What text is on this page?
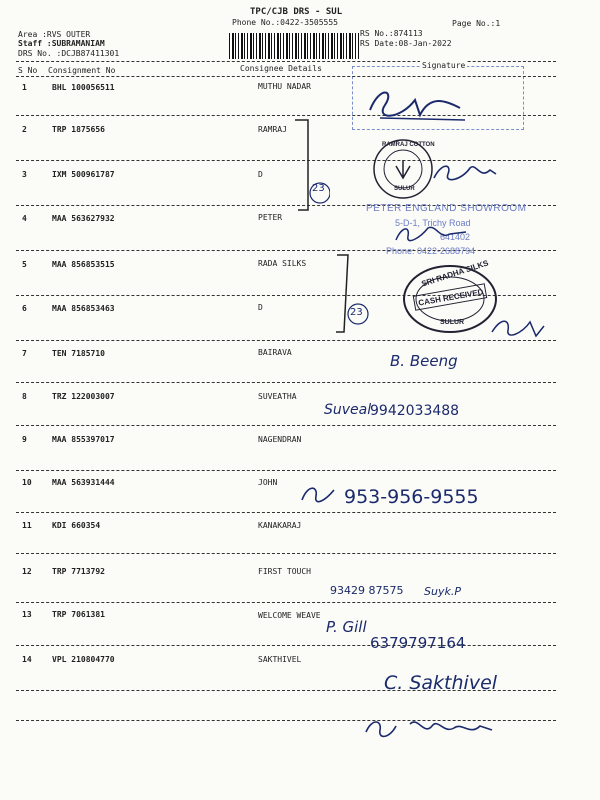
TPC/CJB DRS - SUL
Phone No.:0422-3505555	Page No.:1
Area :RVS OUTER
Staff :SUBRAMANIAM
DRS No. :DCJB87411301
RS No.:874113
RS Date:08-Jan-2022
S No Consignment No	Consignee Details	Signature
1	BHL 100056511	MUTHU NADAR
2	TRP 1875656	RAMRAJ
3	IXM 500961787	D
4	MAA 563627932	PETER
5	MAA 856853515	RADA SILKS
6	MAA 856853463	D
7	TEN 7185710	BAIRAVA
8	TRZ 122003007	SUVEATHA
9	MAA 855397017	NAGENDRAN
10	MAA 563931444	JOHN
11	KDI 660354	KANAKARAJ
12	TRP 7713792	FIRST TOUCH
13	TRP 7061381	WELCOME WEAVE
14	VPL 210804770	SAKTHIVEL
23
23
RAMRAJ COTTON
SULUR
PETER ENGLAND SHOWROOM
5-D-1, Trichy Road
641402
Phone: 0422-2688794
SRI RADHA SILKS
CASH RECEIVED
SULUR
B. Beeng
Suveal
9942033488
953-956-9555
93429 87575 Suyk.P
P. Gill
6379797164
C. Sakthivel
